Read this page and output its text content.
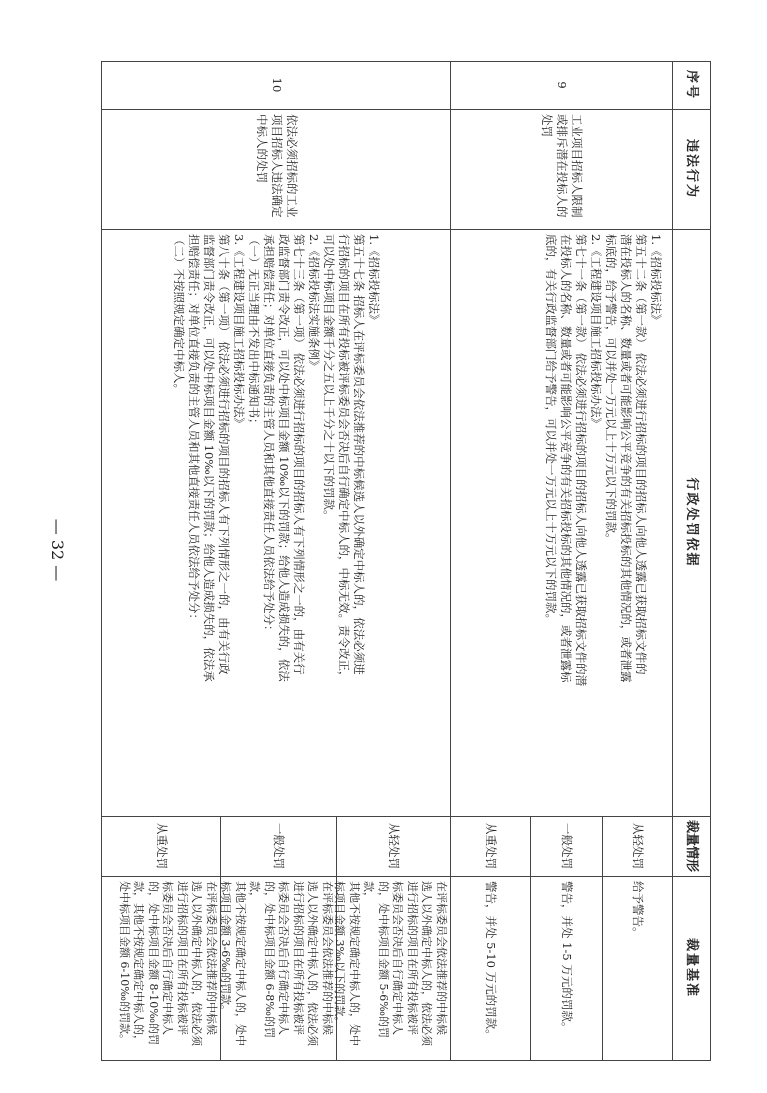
序号
违法行为
行政处罚依据
裁量情形
裁量基准
9
工业项目招标人限制或排斥潜在投标人的处罚
1.《招标投标法》
第五十二条（第一款） 依法必须进行招标的项目的招标人向他人透露已获取招标文件的
潜在投标人的名称、数量或者可能影响公平竞争的有关招标投标的其他情况的，或者泄露
标底的，给予警告，可以并处一万元以上十万元以下的罚款。
2.《工程建设项目施工招标投标办法》
第七十一条（第一款） 依法必须进行招标的项目的招标人向他人透露已获取招标文件的潜
在投标人的名称、数量或者可能影响公平竞争的有关招标投标的其他情况的，或者泄露标
底的，有关行政监督部门给予警告，可以并处一万元以上十万元以下的罚款。
从轻处罚
给予警告。
一般处罚
警告，并处 1-5 万元的罚款。
从重处罚
警告，并处 5-10 万元的罚款。
10
依法必须招标的工业项目招标人违法确定中标人的处罚
1.《招标投标法》
第五十七条 招标人在评标委员会依法推荐的中标候选人以外确定中标人的，依法必须进
行招标的项目在所有投标被评标委员会否决后自行确定中标人的，中标无效。责令改正，
可以处中标项目金额千分之五以上千分之十以下的罚款。
2.《招标投标法实施条例》
第七十三条（第一项） 依法必须进行招标的项目的招标人有下列情形之一的，由有关行
政监督部门责令改正，可以处中标项目金额 10‰以下的罚款；给他人造成损失的，依法
承担赔偿责任；对单位直接负责的主管人员和其他直接责任人员依法给予处分：
（一）无正当理由不发出中标通知书；
3.《工程建设项目施工招标投标办法》
第八十条（第一项） 依法必须进行招标的项目的招标人有下列情形之一的，由有关行政
监督部门责令改正，可以处中标项目金额 10‰以下的罚款；给他人造成损失的，依法承
担赔偿责任；对单位直接负责的主管人员和其他直接责任人员依法给予处分：
（二）不按照规定确定中标人。
从轻处罚
在评标委员会依法推荐的中标候
选人以外确定中标人的，依法必须
进行招标的项目在所有投标被评
标委员会否决后自行确定中标人
的，处中标项目金额 5-6‰的罚款，
其他不按规定确定中标人的，处中
标项目金额 3‰以下的罚款。
一般处罚
在评标委员会依法推荐的中标候
选人以外确定中标人的，依法必须
进行招标的项目在所有投标被评
标委员会否决后自行确定中标人
的，处中标项目金额 6-8‰的罚款，
其他不按规定确定中标人的，处中
标项目金额 3-6‰的罚款。
从重处罚
在评标委员会依法推荐的中标候
选人以外确定中标人的，依法必须
进行招标的项目在所有投标被评
标委员会否决后自行确定中标人
的，处中标项目金额 8-10‰的罚
款，其他不按规定确定中标人的，
处中标项目金额 6-10‰的罚款。
— 32 —
